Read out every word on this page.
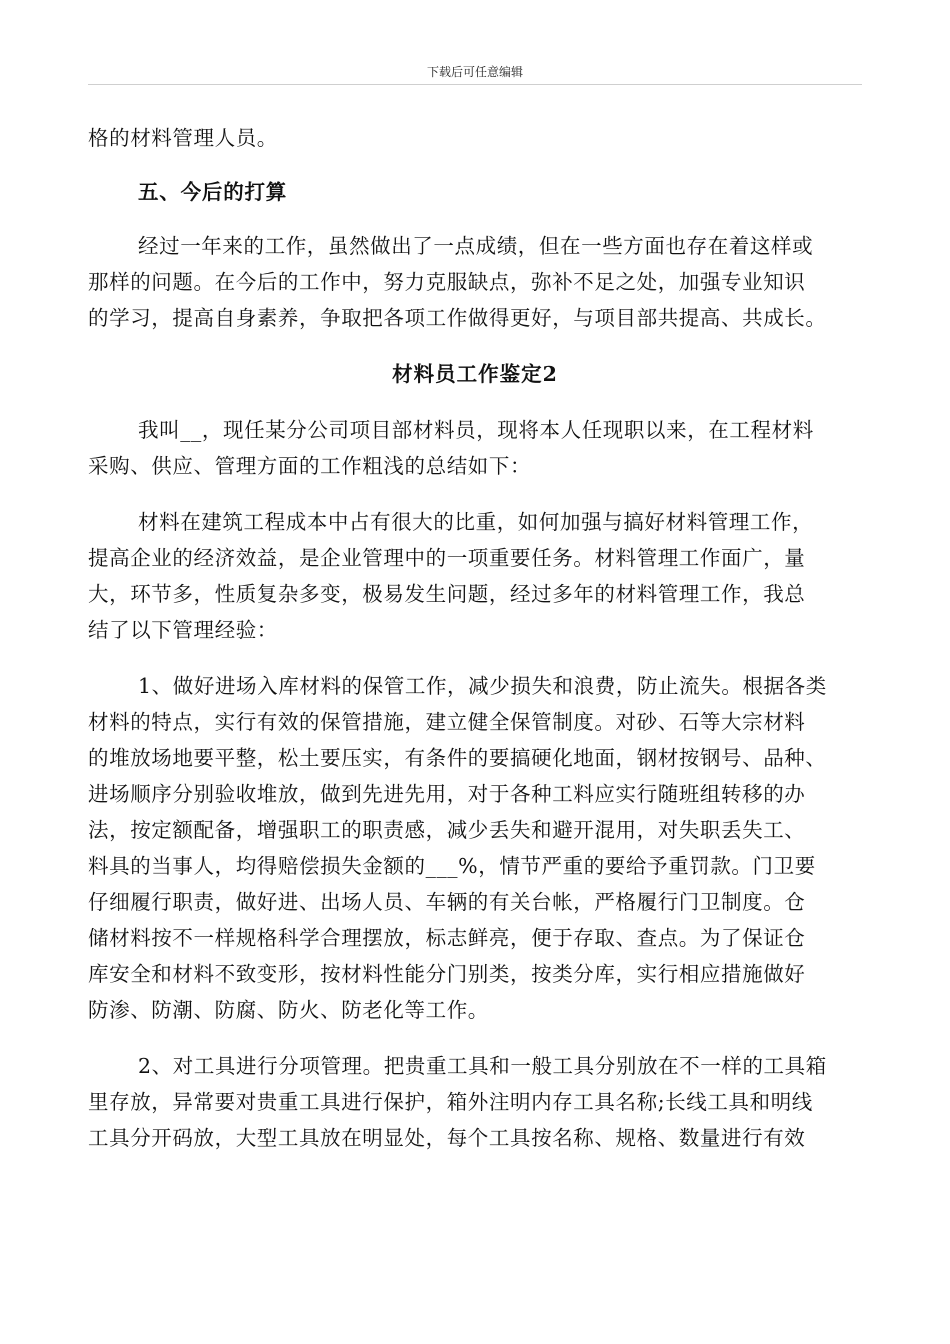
下载后可任意编辑
格的材料管理人员。
五、今后的打算
经过一年来的工作，虽然做出了一点成绩，但在一些方面也存在着这样或
那样的问题。在今后的工作中，努力克服缺点，弥补不足之处，加强专业知识
的学习，提高自身素养，争取把各项工作做得更好，与项目部共提高、共成长。
材料员工作鉴定2
我叫__，现任某分公司项目部材料员，现将本人任现职以来，在工程材料
采购、供应、管理方面的工作粗浅的总结如下：
材料在建筑工程成本中占有很大的比重，如何加强与搞好材料管理工作，
提高企业的经济效益，是企业管理中的一项重要任务。材料管理工作面广，量
大，环节多，性质复杂多变，极易发生问题，经过多年的材料管理工作，我总
结了以下管理经验：
1、做好进场入库材料的保管工作，减少损失和浪费，防止流失。根据各类
材料的特点，实行有效的保管措施，建立健全保管制度。对砂、石等大宗材料
的堆放场地要平整，松土要压实，有条件的要搞硬化地面，钢材按钢号、品种、
进场顺序分别验收堆放，做到先进先用，对于各种工料应实行随班组转移的办
法，按定额配备，增强职工的职责感，减少丢失和避开混用，对失职丢失工、
料具的当事人，均得赔偿损失金额的___%，情节严重的要给予重罚款。门卫要
仔细履行职责，做好进、出场人员、车辆的有关台帐，严格履行门卫制度。仓
储材料按不一样规格科学合理摆放，标志鲜亮，便于存取、查点。为了保证仓
库安全和材料不致变形，按材料性能分门别类，按类分库，实行相应措施做好
防渗、防潮、防腐、防火、防老化等工作。
2、对工具进行分项管理。把贵重工具和一般工具分别放在不一样的工具箱
里存放，异常要对贵重工具进行保护，箱外注明内存工具名称;长线工具和明线
工具分开码放，大型工具放在明显处，每个工具按名称、规格、数量进行有效
